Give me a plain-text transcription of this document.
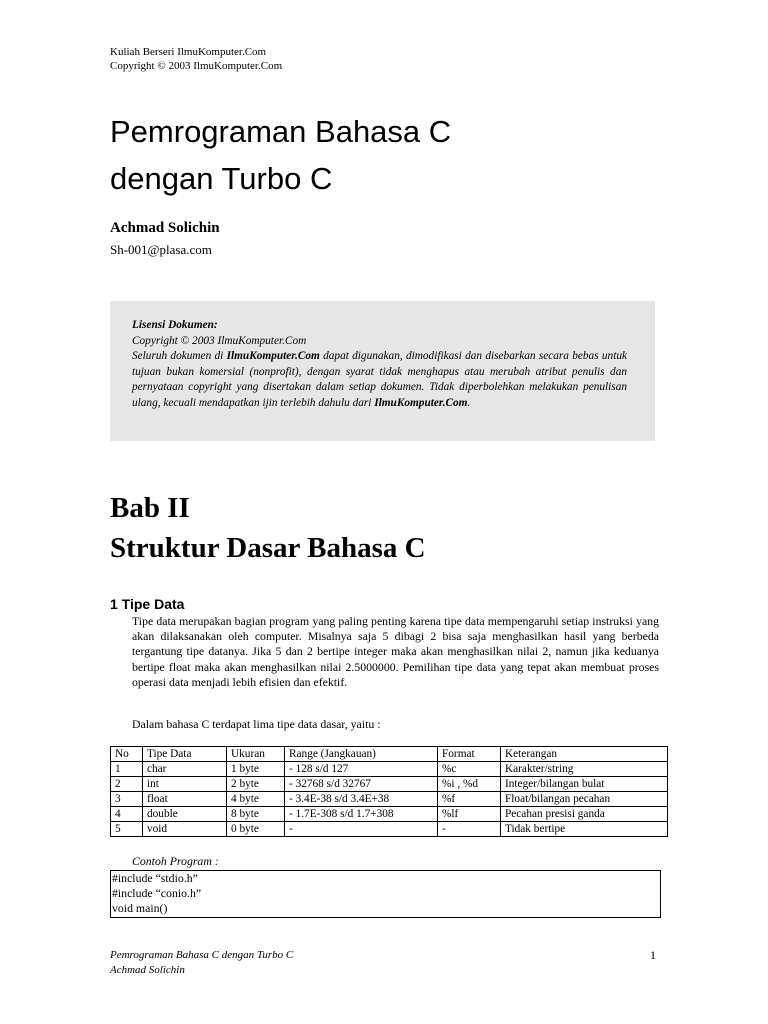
Kuliah Berseri IlmuKomputer.Com
Copyright © 2003 IlmuKomputer.Com
Pemrograman Bahasa C
dengan Turbo C
Achmad Solichin
Sh-001@plasa.com
Lisensi Dokumen:
Copyright © 2003 IlmuKomputer.Com
Seluruh dokumen di IlmuKomputer.Com dapat digunakan, dimodifikasi dan disebarkan secara bebas untuk tujuan bukan komersial (nonprofit), dengan syarat tidak menghapus atau merubah atribut penulis dan pernyataan copyright yang disertakan dalam setiap dokumen. Tidak diperbolehkan melakukan penulisan ulang, kecuali mendapatkan ijin terlebih dahulu dari IlmuKomputer.Com.
Bab II
Struktur Dasar Bahasa C
1 Tipe Data
Tipe data merupakan bagian program yang paling penting karena tipe data mempengaruhi setiap instruksi yang akan dilaksanakan oleh computer. Misalnya saja 5 dibagi 2 bisa saja menghasilkan hasil yang berbeda tergantung tipe datanya. Jika 5 dan 2 bertipe integer maka akan menghasilkan nilai 2, namun jika keduanya bertipe float maka akan menghasilkan nilai 2.5000000. Pemilihan tipe data yang tepat akan membuat proses operasi data menjadi lebih efisien dan efektif.
Dalam bahasa C terdapat lima tipe data dasar, yaitu :
No	Tipe Data	Ukuran	Range (Jangkauan)	Format	Keterangan
1	char	1 byte	- 128 s/d 127	%c	Karakter/string
2	int	2 byte	- 32768 s/d 32767	%i , %d	Integer/bilangan bulat
3	float	4 byte	- 3.4E-38 s/d 3.4E+38	%f	Float/bilangan pecahan
4	double	8 byte	- 1.7E-308 s/d 1.7+308	%lf	Pecahan presisi ganda
5	void	0 byte	-	-	Tidak bertipe
Contoh Program :
#include “stdio.h”
#include “conio.h”
void main()
Pemrograman Bahasa C dengan Turbo C
Achmad Solichin
1
